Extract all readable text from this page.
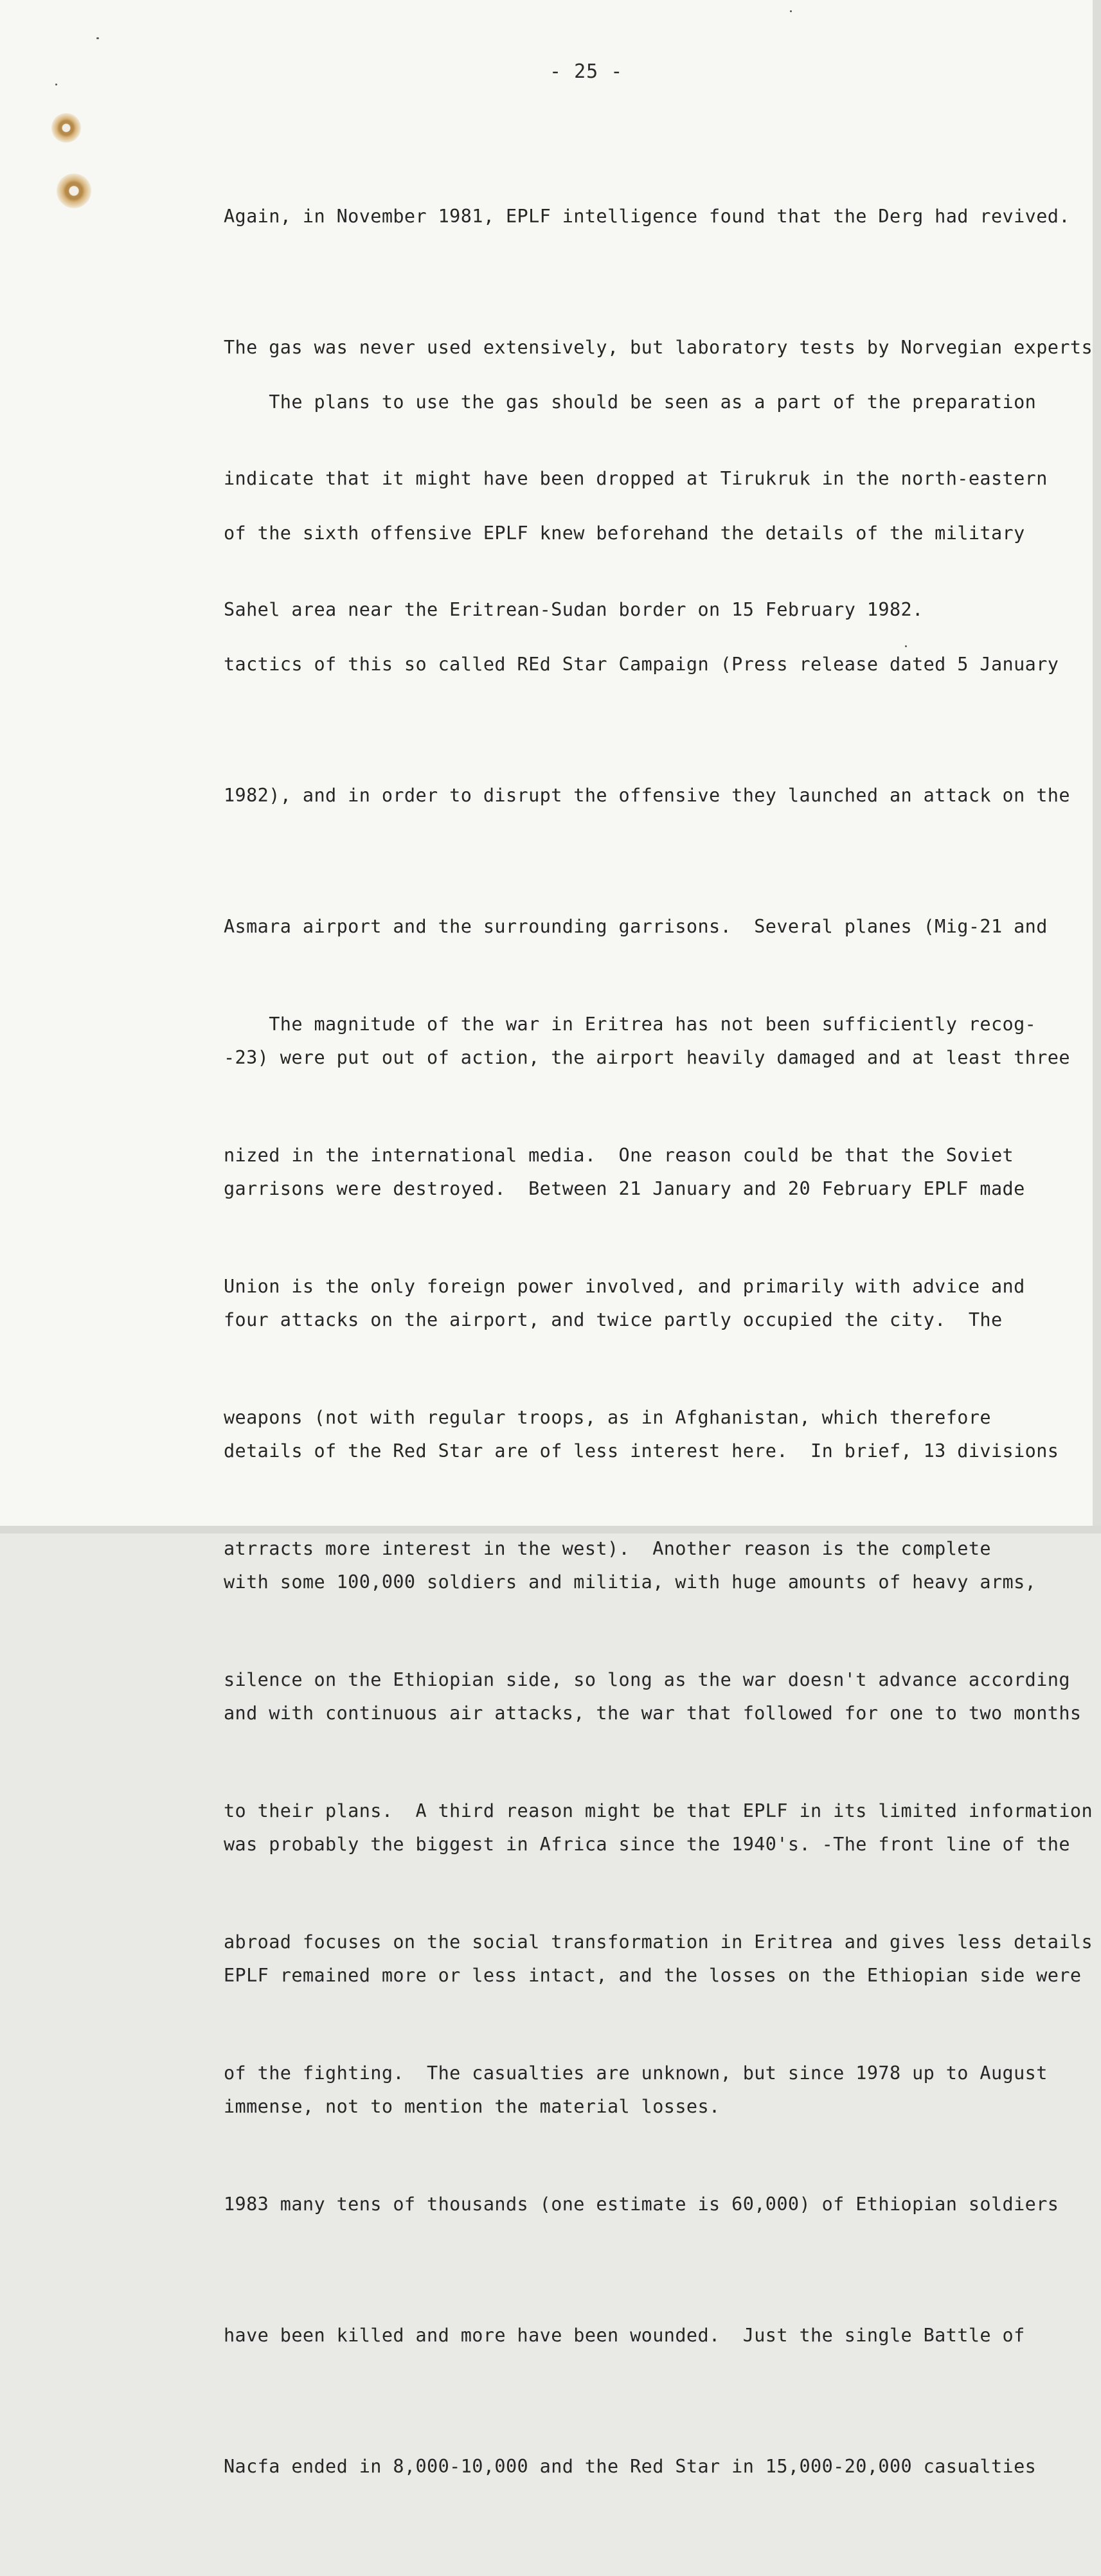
- 25 -

Again, in November 1981, EPLF intelligence found that the Derg had revived.

The gas was never used extensively, but laboratory tests by Norvegian experts

indicate that it might have been dropped at Tirukruk in the north-eastern

Sahel area near the Eritrean-Sudan border on 15 February 1982.

The plans to use the gas should be seen as a part of the preparation

of the sixth offensive EPLF knew beforehand the details of the military

tactics of this so called REd Star Campaign (Press release dated 5 January

1982), and in order to disrupt the offensive they launched an attack on the

Asmara airport and the surrounding garrisons.  Several planes (Mig-21 and

-23) were put out of action, the airport heavily damaged and at least three

garrisons were destroyed.  Between 21 January and 20 February EPLF made

four attacks on the airport, and twice partly occupied the city.  The

details of the Red Star are of less interest here.  In brief, 13 divisions

with some 100,000 soldiers and militia, with huge amounts of heavy arms,

and with continuous air attacks, the war that followed for one to two months

was probably the biggest in Africa since the 1940's. -The front line of the

EPLF remained more or less intact, and the losses on the Ethiopian side were

immense, not to mention the material losses.

The magnitude of the war in Eritrea has not been sufficiently recog-

nized in the international media.  One reason could be that the Soviet

Union is the only foreign power involved, and primarily with advice and

weapons (not with regular troops, as in Afghanistan, which therefore

atrracts more interest in the west).  Another reason is the complete

silence on the Ethiopian side, so long as the war doesn't advance according

to their plans.  A third reason might be that EPLF in its limited information

abroad focuses on the social transformation in Eritrea and gives less details

of the fighting.  The casualties are unknown, but since 1978 up to August

1983 many tens of thousands (one estimate is 60,000) of Ethiopian soldiers

have been killed and more have been wounded.  Just the single Battle of

Nacfa ended in 8,000-10,000 and the Red Star in 15,000-20,000 casualties
